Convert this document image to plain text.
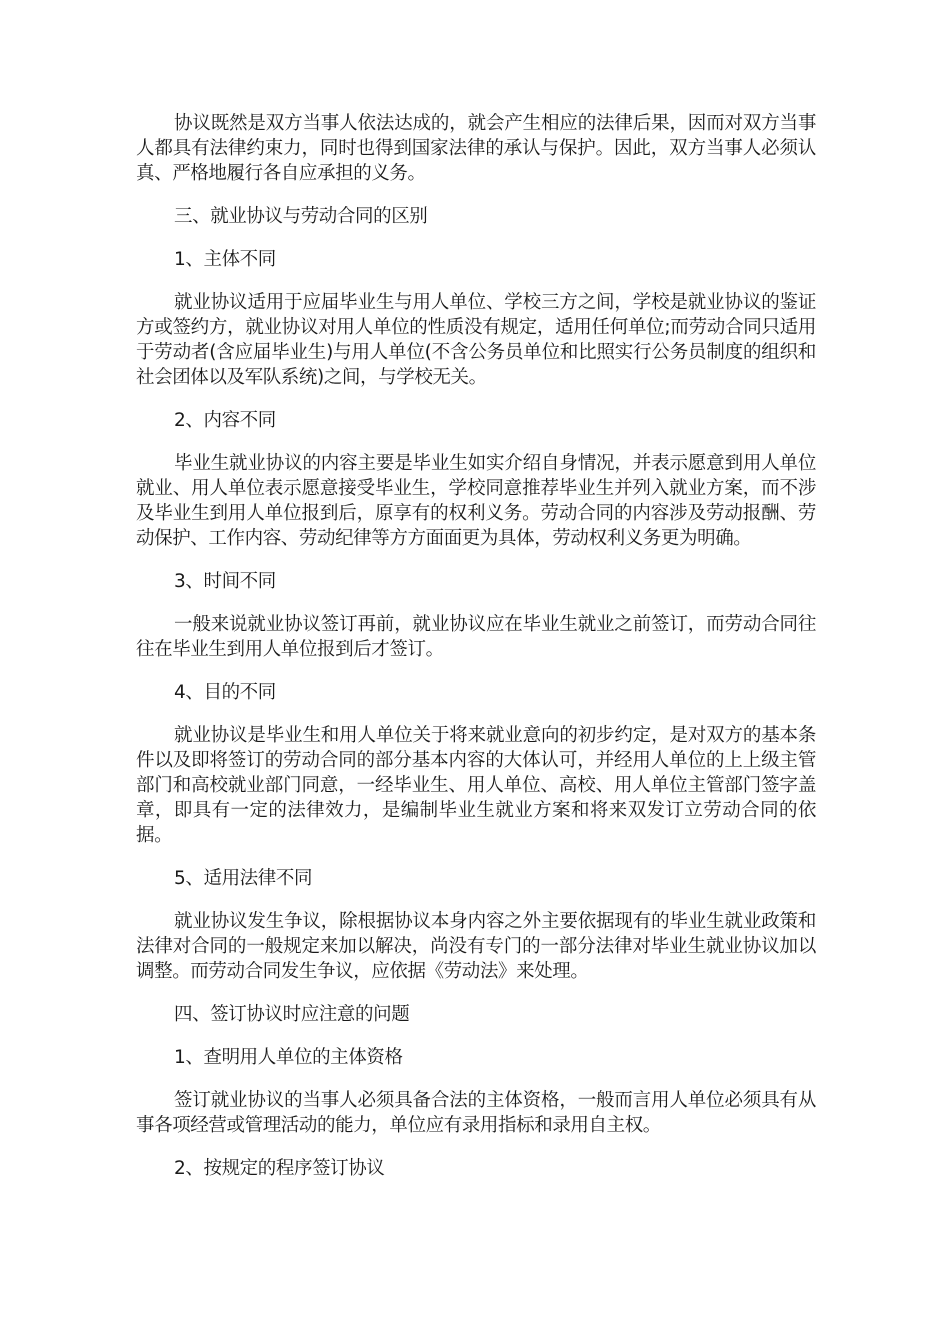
协议既然是双方当事人依法达成的，就会产生相应的法律后果，因而对双方当事人都具有法律约束力，同时也得到国家法律的承认与保护。因此，双方当事人必须认真、严格地履行各自应承担的义务。

三、就业协议与劳动合同的区别

1、主体不同

就业协议适用于应届毕业生与用人单位、学校三方之间，学校是就业协议的鉴证方或签约方，就业协议对用人单位的性质没有规定，适用任何单位;而劳动合同只适用于劳动者(含应届毕业生)与用人单位(不含公务员单位和比照实行公务员制度的组织和社会团体以及军队系统)之间，与学校无关。

2、内容不同

毕业生就业协议的内容主要是毕业生如实介绍自身情况，并表示愿意到用人单位就业、用人单位表示愿意接受毕业生，学校同意推荐毕业生并列入就业方案，而不涉及毕业生到用人单位报到后，原享有的权利义务。劳动合同的内容涉及劳动报酬、劳动保护、工作内容、劳动纪律等方方面面更为具体，劳动权利义务更为明确。

3、时间不同

一般来说就业协议签订再前，就业协议应在毕业生就业之前签订，而劳动合同往往在毕业生到用人单位报到后才签订。

4、目的不同

就业协议是毕业生和用人单位关于将来就业意向的初步约定，是对双方的基本条件以及即将签订的劳动合同的部分基本内容的大体认可，并经用人单位的上上级主管部门和高校就业部门同意，一经毕业生、用人单位、高校、用人单位主管部门签字盖章，即具有一定的法律效力，是编制毕业生就业方案和将来双发订立劳动合同的依据。

5、适用法律不同

就业协议发生争议，除根据协议本身内容之外主要依据现有的毕业生就业政策和法律对合同的一般规定来加以解决，尚没有专门的一部分法律对毕业生就业协议加以调整。而劳动合同发生争议，应依据《劳动法》来处理。

四、签订协议时应注意的问题

1、查明用人单位的主体资格

签订就业协议的当事人必须具备合法的主体资格，一般而言用人单位必须具有从事各项经营或管理活动的能力，单位应有录用指标和录用自主权。

2、按规定的程序签订协议
